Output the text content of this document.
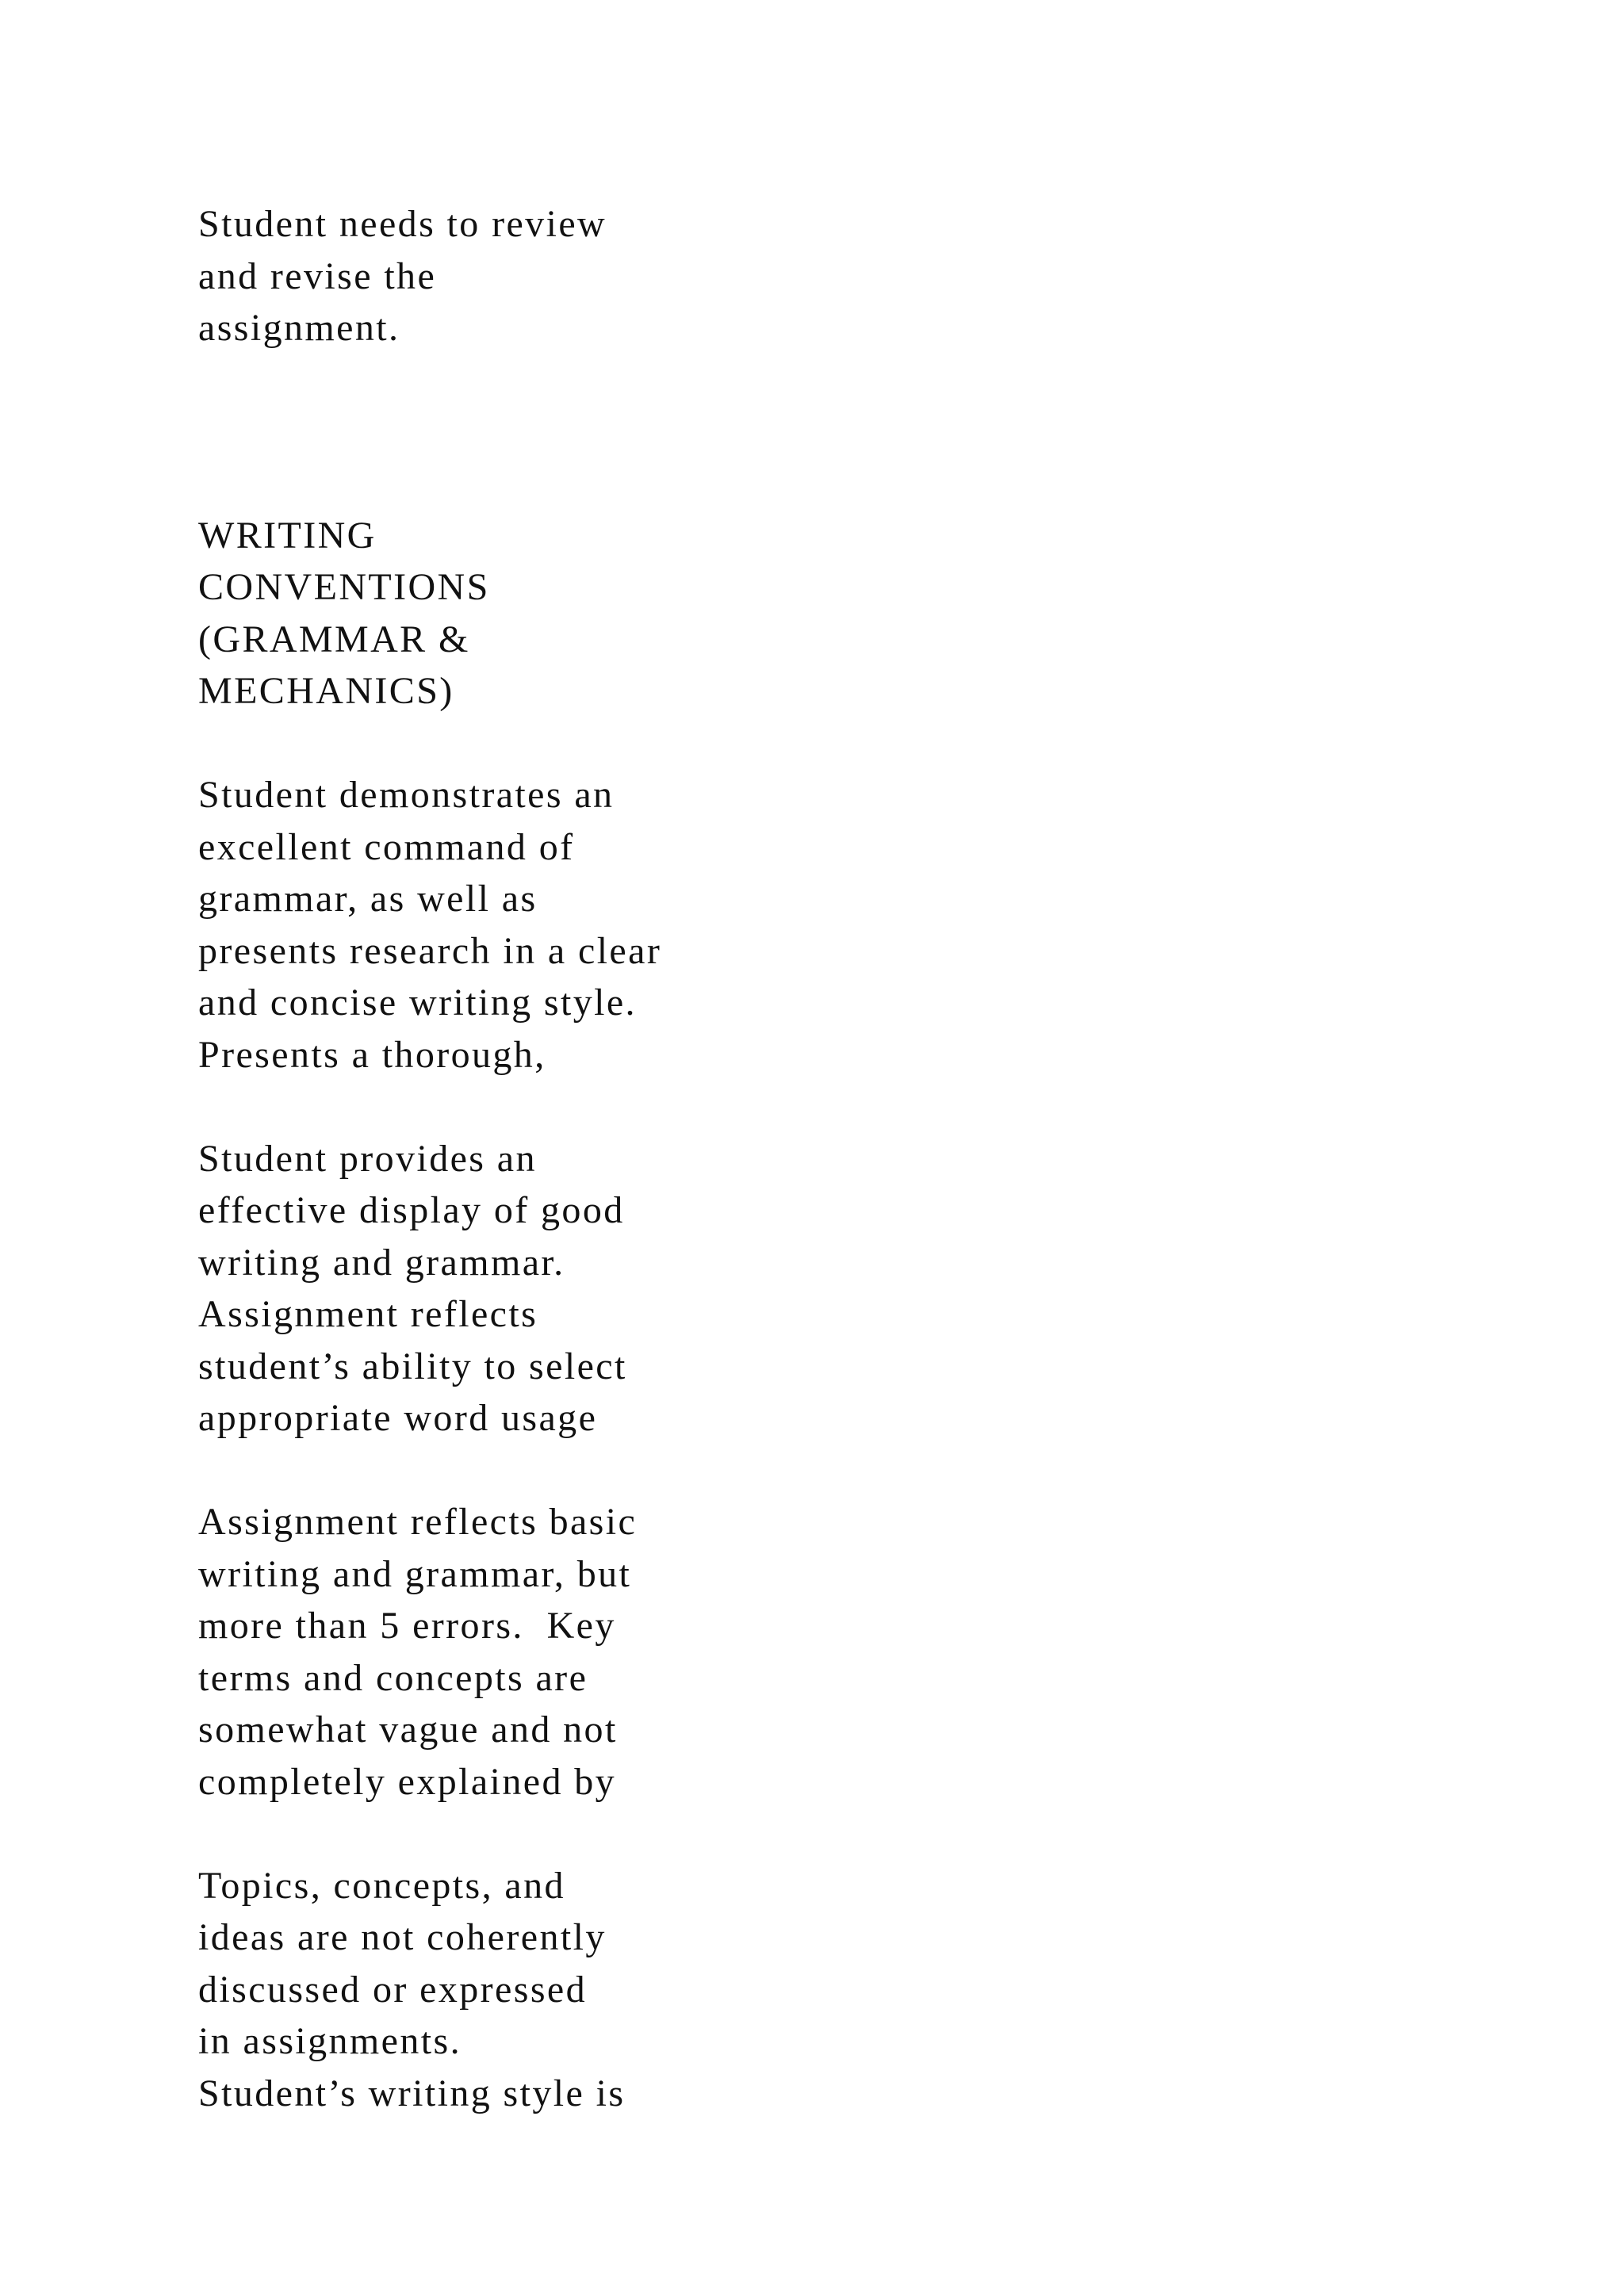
Student needs to review
and revise the
assignment.

WRITING
CONVENTIONS
(GRAMMAR &
MECHANICS)

Student demonstrates an
excellent command of
grammar, as well as
presents research in a clear
and concise writing style.
Presents a thorough,

Student provides an
effective display of good
writing and grammar.
Assignment reflects
student’s ability to select
appropriate word usage

Assignment reflects basic
writing and grammar, but
more than 5 errors.  Key
terms and concepts are
somewhat vague and not
completely explained by

Topics, concepts, and
ideas are not coherently
discussed or expressed
in assignments.
Student’s writing style is
